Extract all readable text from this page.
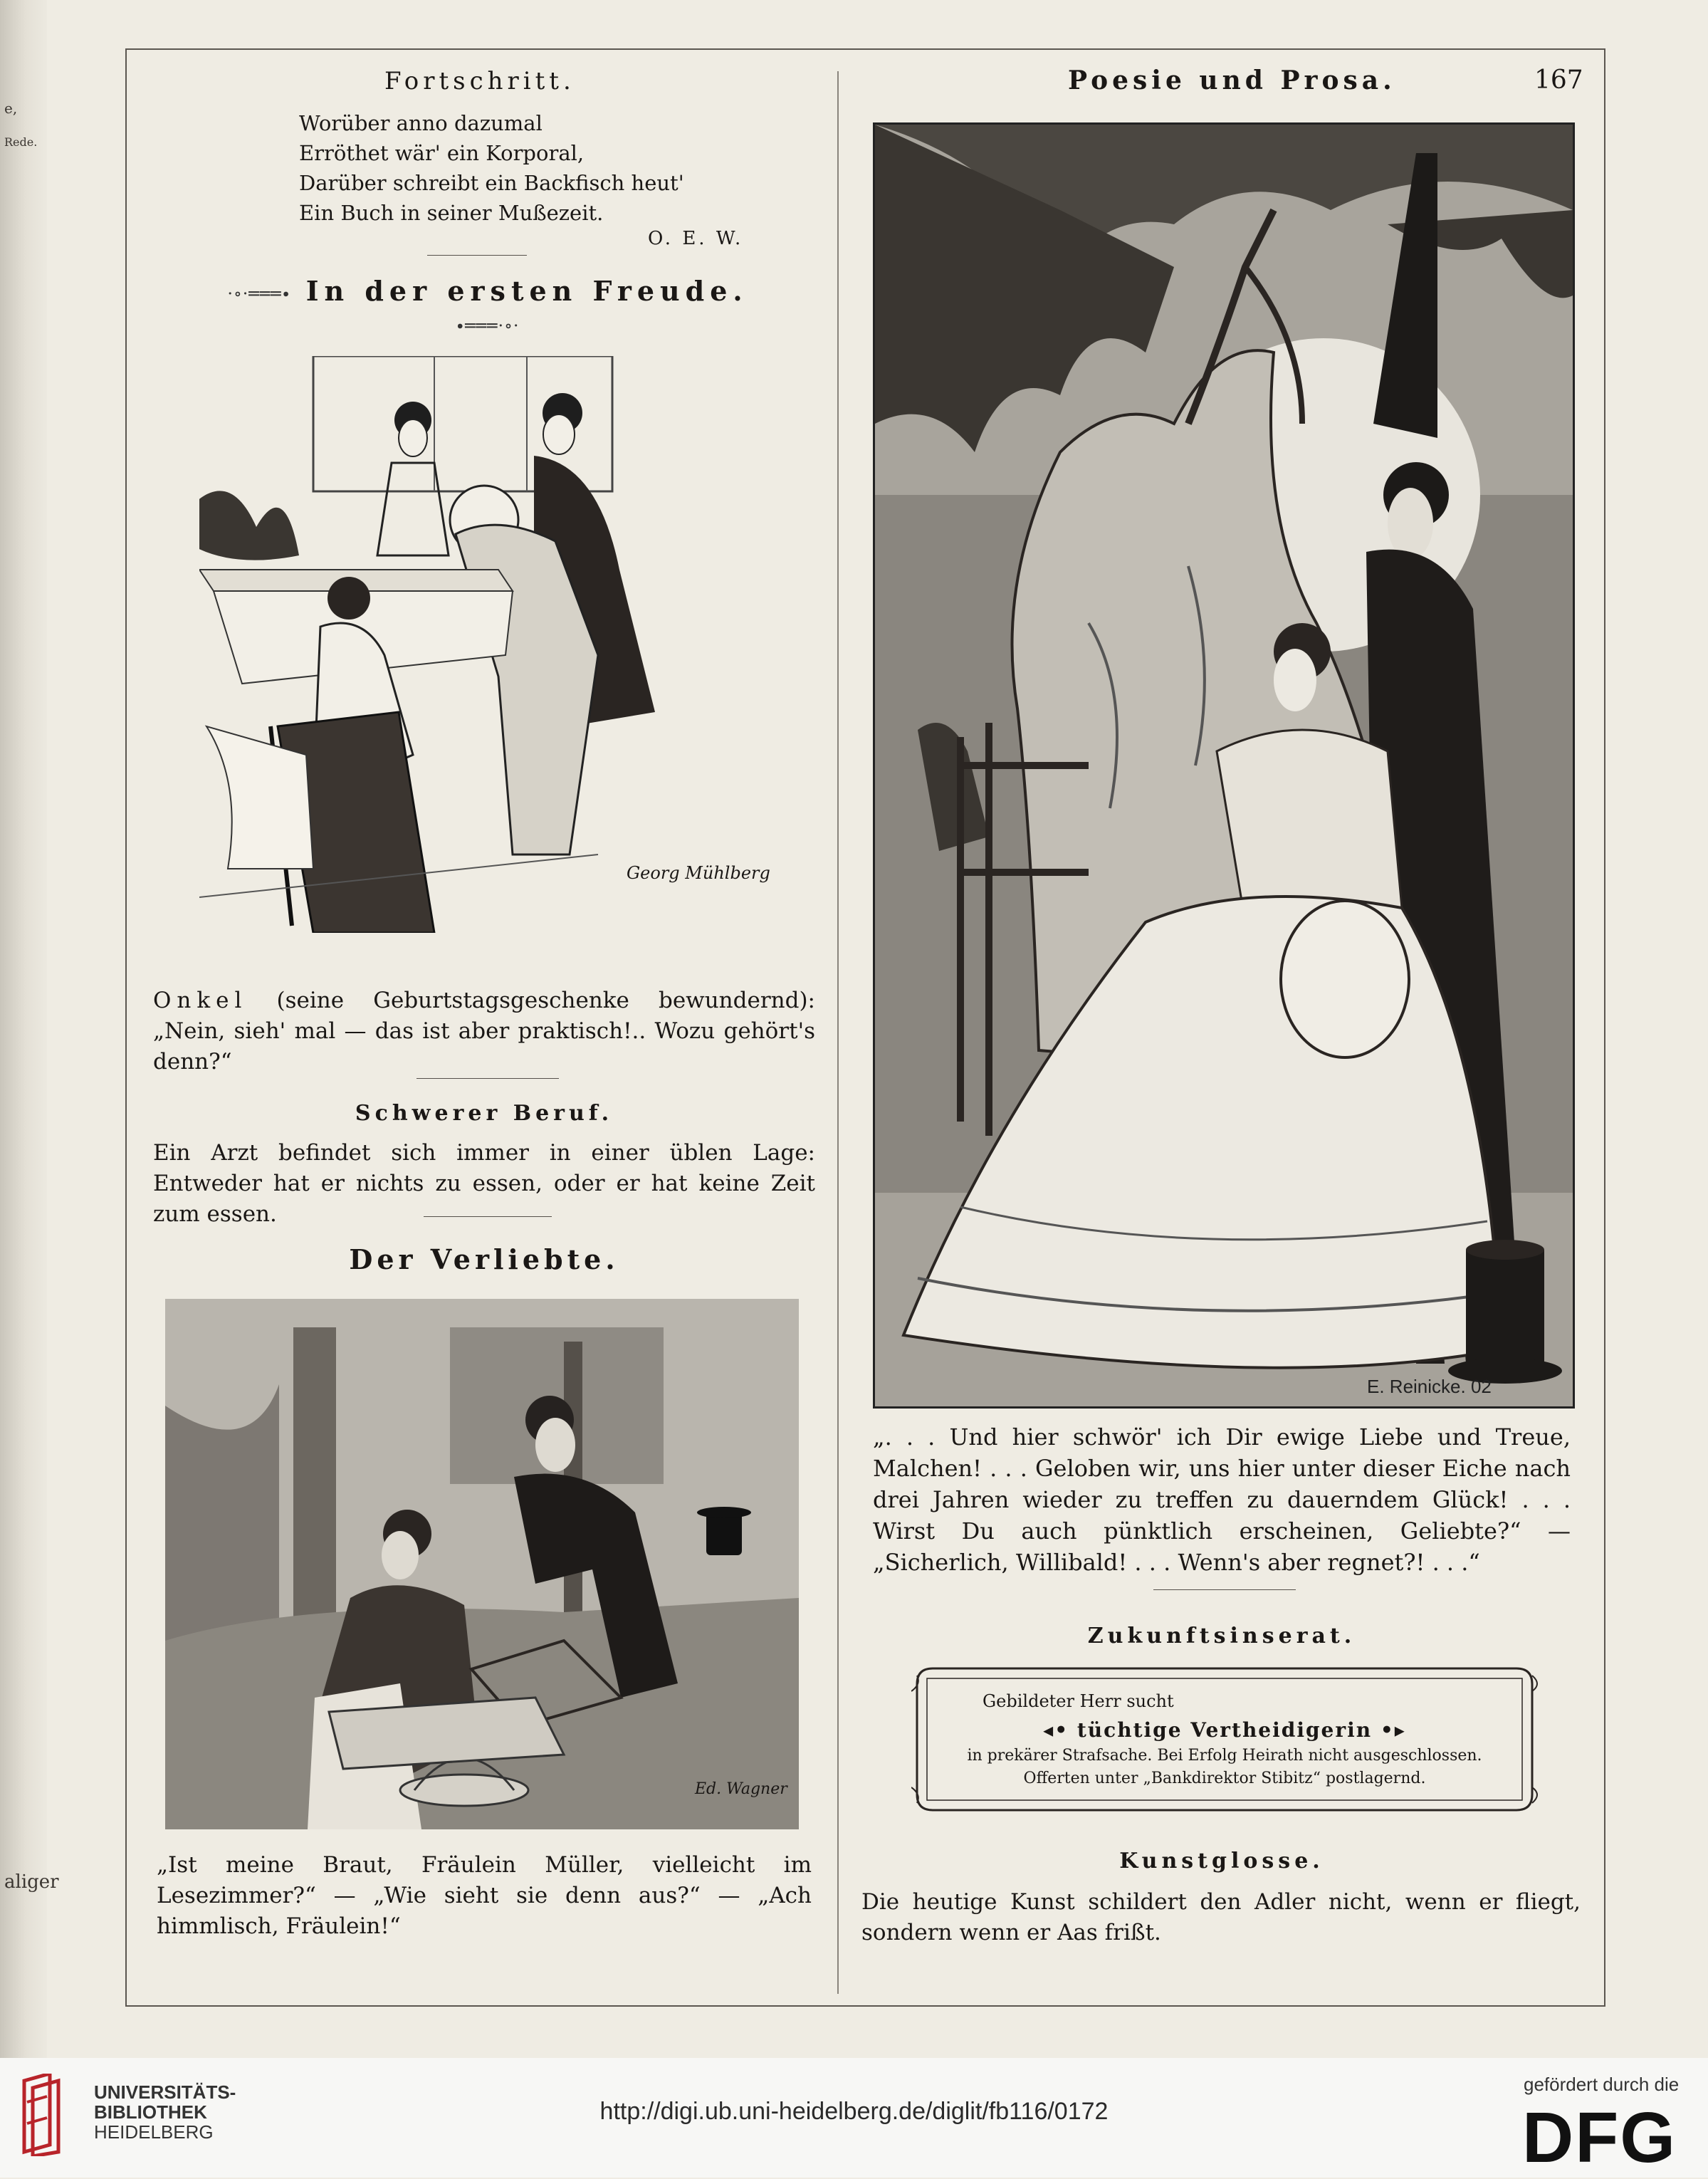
e,
Rede.
aliger
Fortschritt.	Poesie und Prosa.	167
Worüber anno dazumal
Erröthet wär' ein Korporal,
Darüber schreibt ein Backfisch heut'
Ein Buch in seiner Mußezeit.
O. E. W.
·∘·═══∙ In der ersten Freude. ∙═══·∘·
Georg Mühlberg
Onkel (seine Geburtstagsgeschenke bewundernd): „Nein, sieh' mal — das ist aber praktisch!.. Wozu gehört's denn?“
Schwerer Beruf.
Ein Arzt befindet sich immer in einer üblen Lage: Entweder hat er nichts zu essen, oder er hat keine Zeit zum essen.
Der Verliebte.
Ed. Wagner
„Ist meine Braut, Fräulein Müller, vielleicht im Lesezimmer?“ — „Wie sieht sie denn aus?“ — „Ach himmlisch, Fräulein!“
E. Reinicke. 02
„. . . Und hier schwör' ich Dir ewige Liebe und Treue, Malchen! . . . Geloben wir, uns hier unter dieser Eiche nach drei Jahren wieder zu treffen zu dauerndem Glück! . . . Wirst Du auch pünktlich erscheinen, Geliebte?“ — „Sicherlich, Willibald! . . . Wenn's aber regnet?! . . .“
Zukunftsinserat.
Gebildeter Herr sucht
◂• tüchtige Vertheidigerin •▸
in prekärer Strafsache. Bei Erfolg Heirath nicht ausgeschlossen.
Offerten unter „Bankdirektor Stibitz“ postlagernd.
Kunstglosse.
Die heutige Kunst schildert den Adler nicht, wenn er fliegt, sondern wenn er Aas frißt.
UNIVERSITÄTS-
BIBLIOTHEK
HEIDELBERG
http://digi.ub.uni-heidelberg.de/diglit/fb116/0172
gefördert durch die
DFG
